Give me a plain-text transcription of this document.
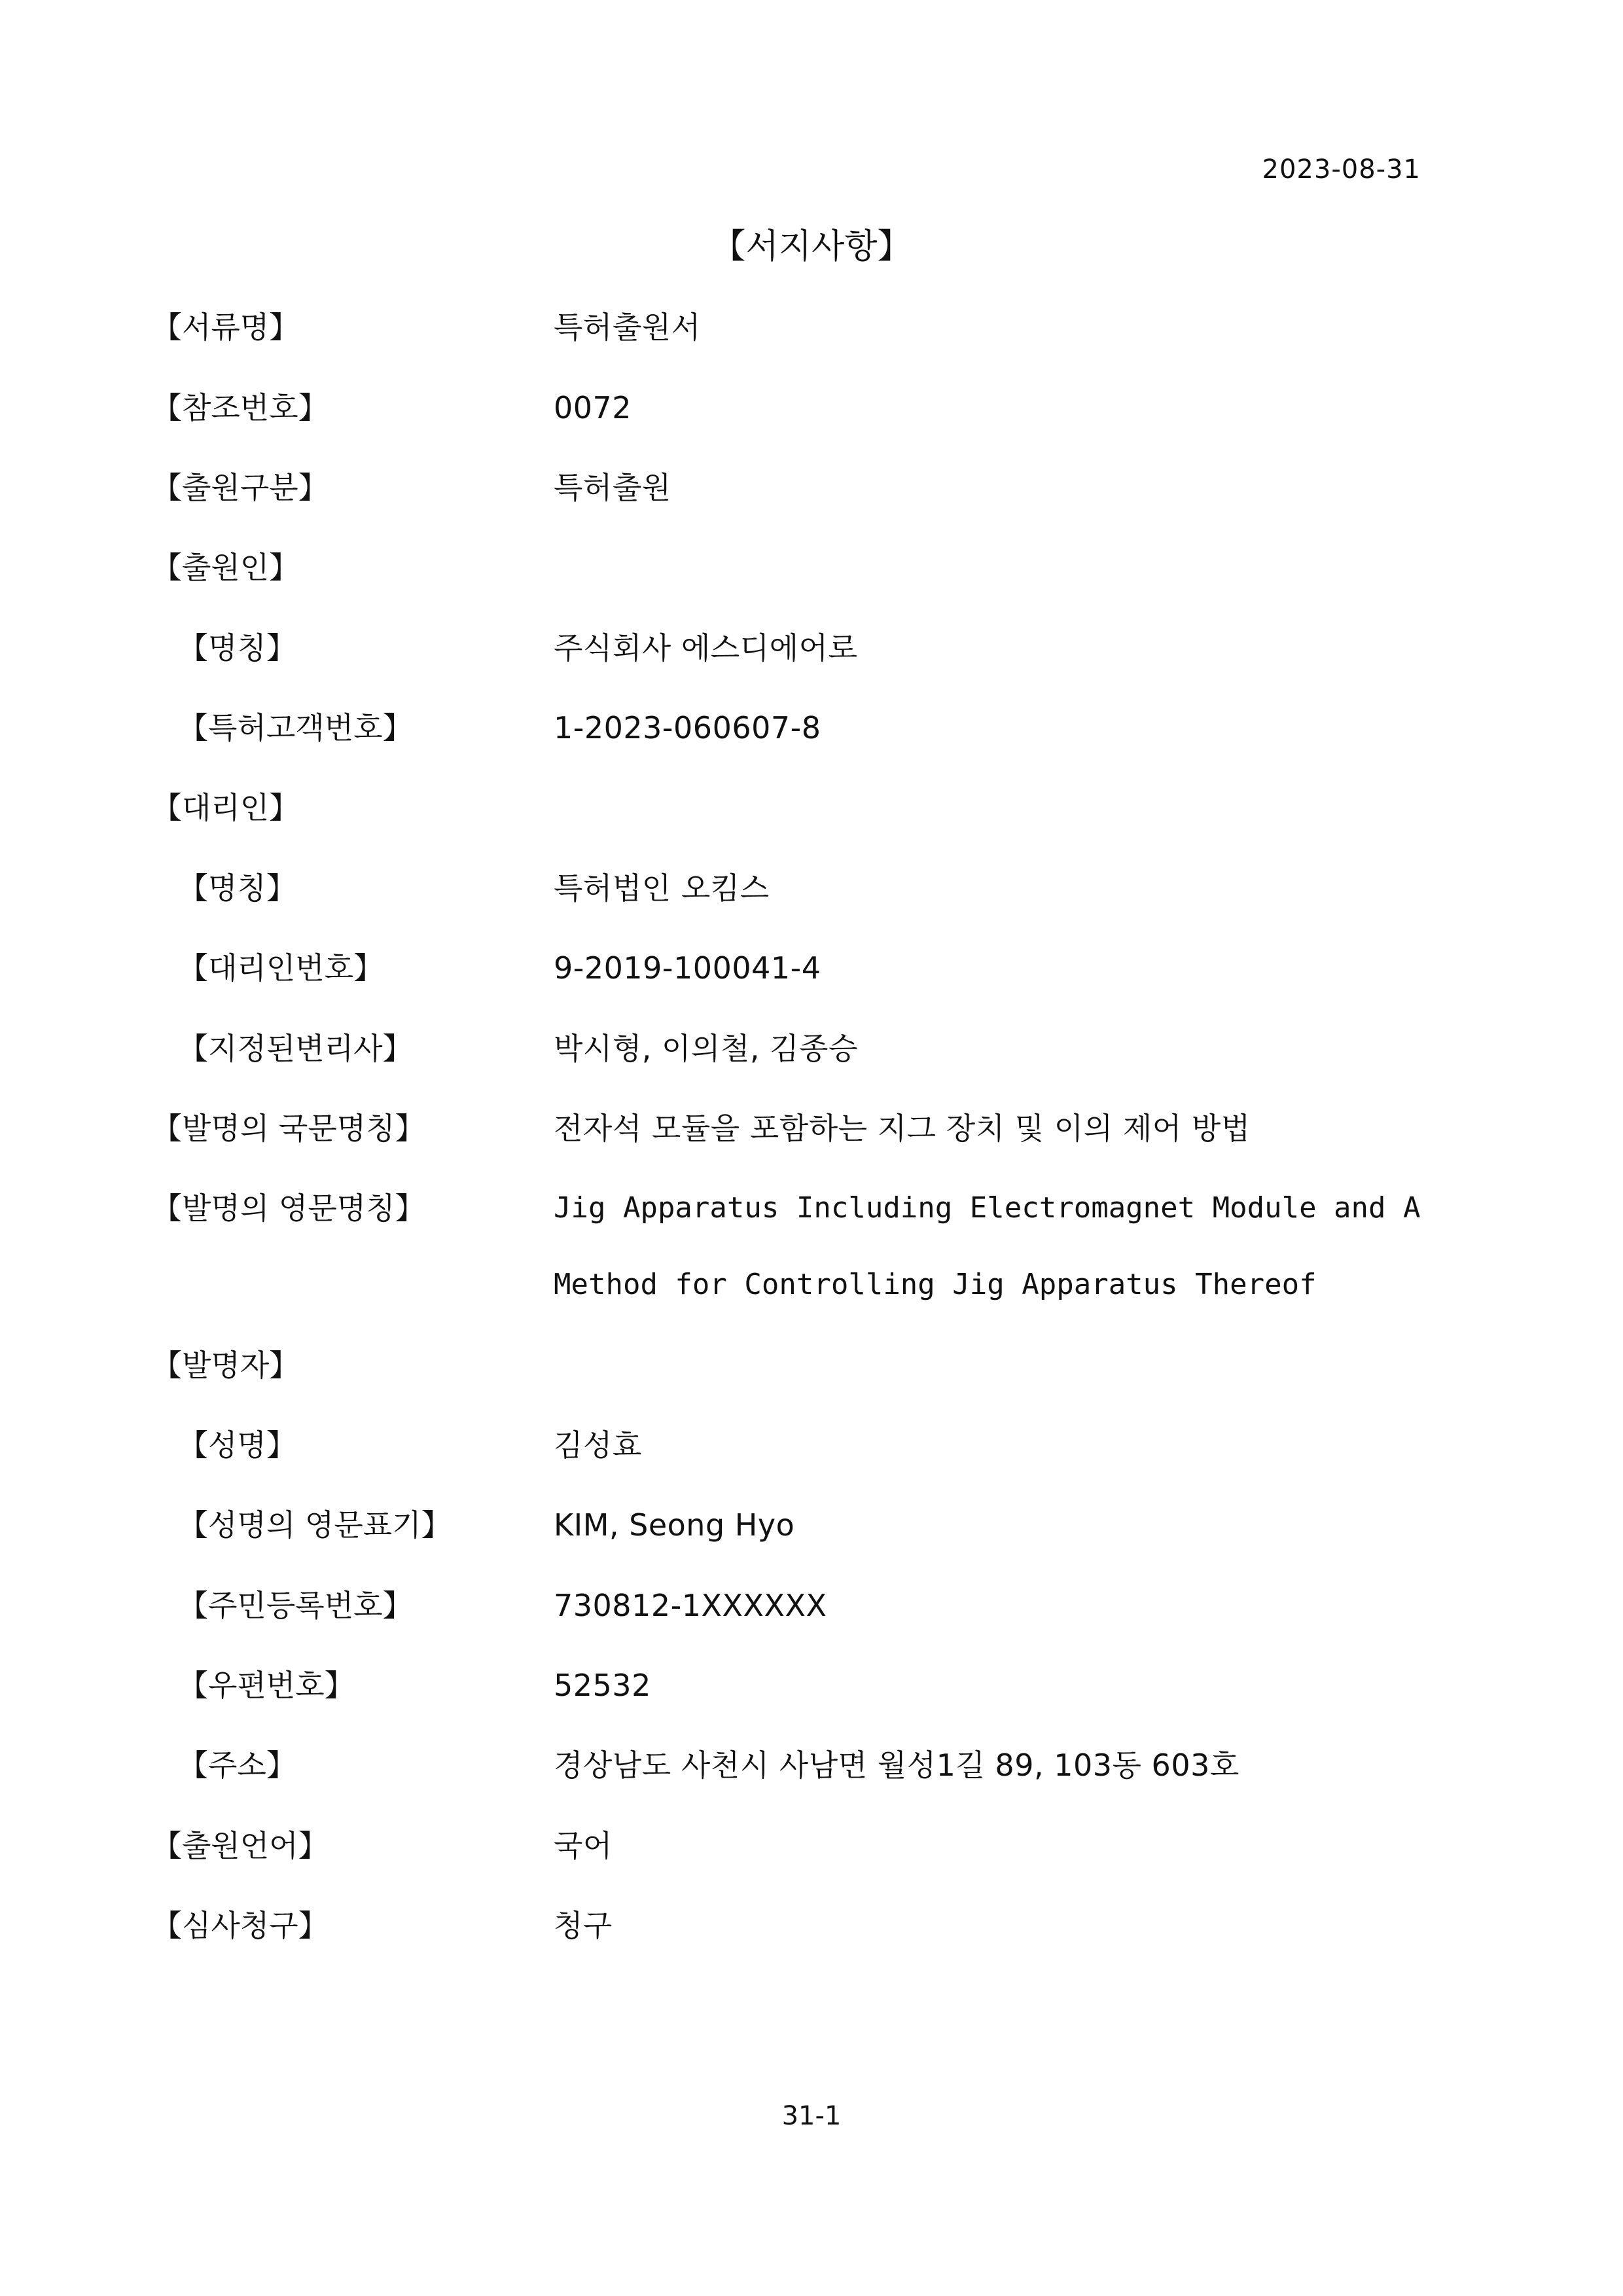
2023-08-31
【서지사항】
【서류명】	특허출원서
【참조번호】	0072
【출원구분】	특허출원
【출원인】
【명칭】	주식회사 에스디에어로
【특허고객번호】	1-2023-060607-8
【대리인】
【명칭】	특허법인 오킴스
【대리인번호】	9-2019-100041-4
【지정된변리사】	박시형, 이의철, 김종승
【발명의 국문명칭】	전자석 모듈을 포함하는 지그 장치 및 이의 제어 방법
【발명의 영문명칭】	Jig Apparatus Including Electromagnet Module and A
Method for Controlling Jig Apparatus Thereof
【발명자】
【성명】	김성효
【성명의 영문표기】	KIM, Seong Hyo
【주민등록번호】	730812-1XXXXXX
【우편번호】	52532
【주소】	경상남도 사천시 사남면 월성1길 89, 103동 603호
【출원언어】	국어
【심사청구】	청구
31-1
